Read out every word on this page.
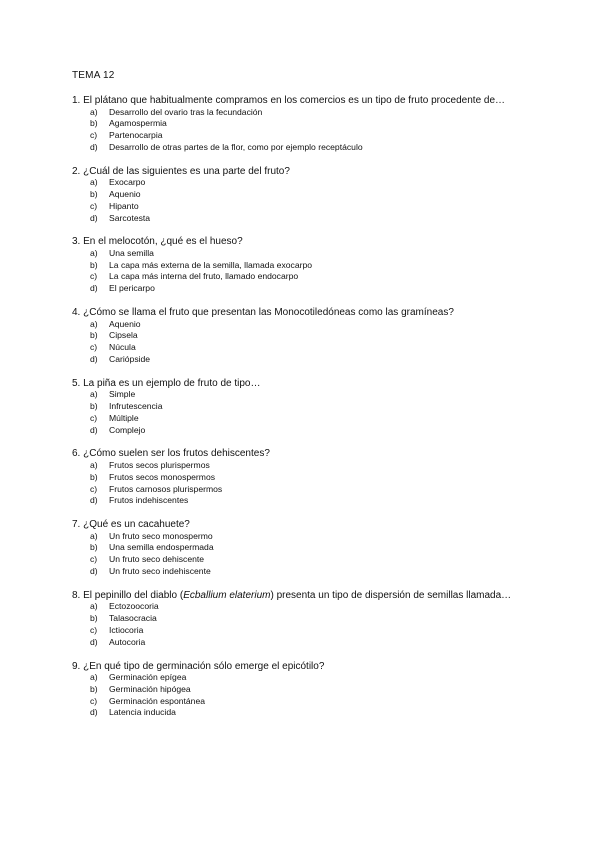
TEMA 12

1. El plátano que habitualmente compramos en los comercios es un tipo de fruto procedente de…

a)	Desarrollo del ovario tras la fecundación
b)	Agamospermia
c)	Partenocarpia
d)	Desarrollo de otras partes de la flor, como por ejemplo receptáculo

2. ¿Cuál de las siguientes es una parte del fruto?

a)	Exocarpo
b)	Aquenio
c)	Hipanto
d)	Sarcotesta

3. En el melocotón, ¿qué es el hueso?

a)	Una semilla
b)	La capa más externa de la semilla, llamada exocarpo
c)	La capa más interna del fruto, llamado endocarpo
d)	El pericarpo

4. ¿Cómo se llama el fruto que presentan las Monocotiledóneas como las gramíneas?

a)	Aquenio
b)	Cipsela
c)	Núcula
d)	Cariópside

5. La piña es un ejemplo de fruto de tipo…

a)	Simple
b)	Infrutescencia
c)	Múltiple
d)	Complejo

6. ¿Cómo suelen ser los frutos dehiscentes?

a)	Frutos secos plurispermos
b)	Frutos secos monospermos
c)	Frutos carnosos plurispermos
d)	Frutos indehiscentes

7. ¿Qué es un cacahuete?

a)	Un fruto seco monospermo
b)	Una semilla endospermada
c)	Un fruto seco dehiscente
d)	Un fruto seco indehiscente

8. El pepinillo del diablo (Ecballium elaterium) presenta un tipo de dispersión de semillas llamada…

a)	Ectozoocoria
b)	Talasocracia
c)	Ictiocoria
d)	Autocoria

9. ¿En qué tipo de germinación sólo emerge el epicótilo?

a)	Germinación epígea
b)	Germinación hipógea
c)	Germinación espontánea
d)	Latencia inducida
